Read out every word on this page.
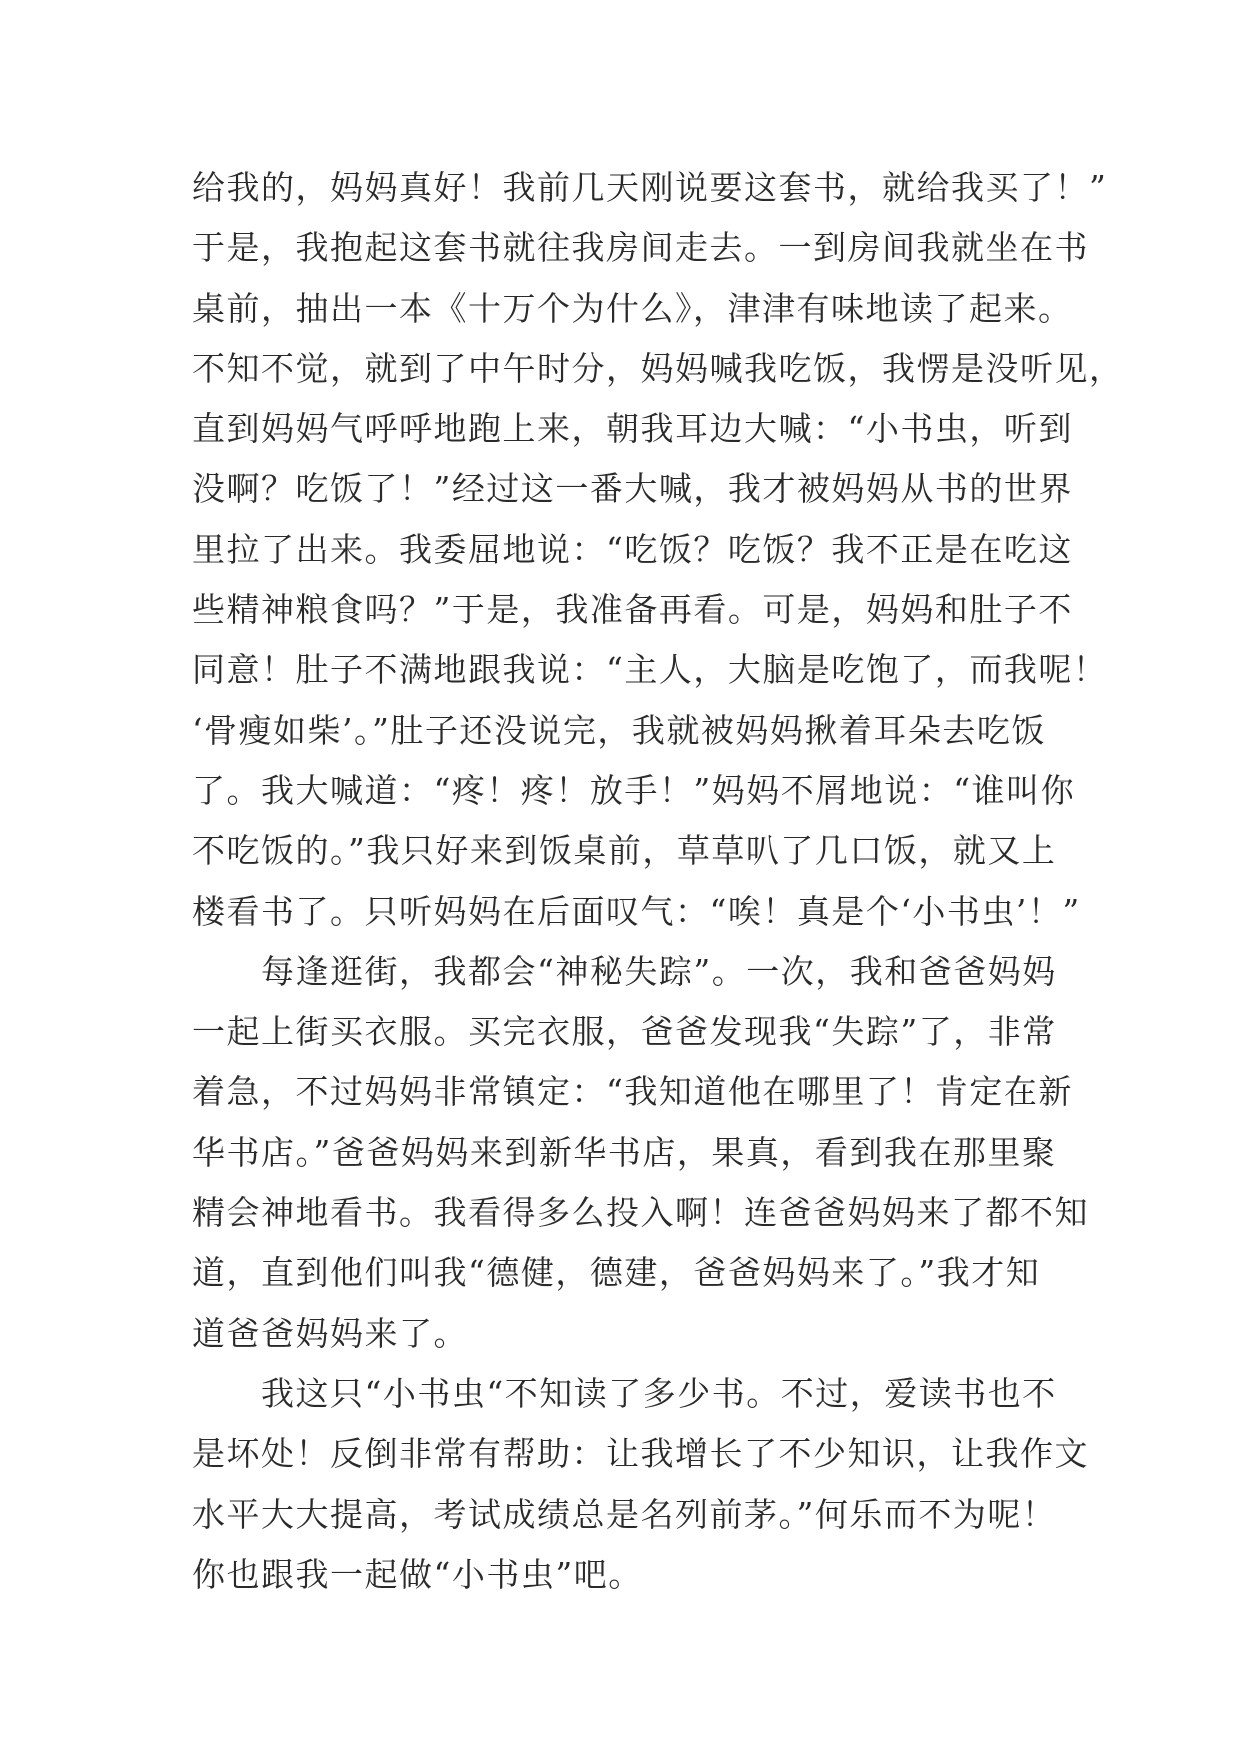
给我的，妈妈真好！我前几天刚说要这套书，就给我买了！”
于是，我抱起这套书就往我房间走去。一到房间我就坐在书
桌前，抽出一本《十万个为什么》，津津有味地读了起来。
不知不觉，就到了中午时分，妈妈喊我吃饭，我愣是没听见，
直到妈妈气呼呼地跑上来，朝我耳边大喊：“小书虫，听到
没啊？吃饭了！”经过这一番大喊，我才被妈妈从书的世界
里拉了出来。我委屈地说：“吃饭？吃饭？我不正是在吃这
些精神粮食吗？”于是，我准备再看。可是，妈妈和肚子不
同意！肚子不满地跟我说：“主人，大脑是吃饱了，而我呢！
‘骨瘦如柴’。”肚子还没说完，我就被妈妈揪着耳朵去吃饭
了。我大喊道：“疼！疼！放手！”妈妈不屑地说：“谁叫你
不吃饭的。”我只好来到饭桌前，草草叭了几口饭，就又上
楼看书了。只听妈妈在后面叹气：“唉！真是个‘小书虫’！”
　　每逢逛街，我都会“神秘失踪”。一次，我和爸爸妈妈
一起上街买衣服。买完衣服，爸爸发现我“失踪”了，非常
着急，不过妈妈非常镇定：“我知道他在哪里了！肯定在新
华书店。”爸爸妈妈来到新华书店，果真，看到我在那里聚
精会神地看书。我看得多么投入啊！连爸爸妈妈来了都不知
道，直到他们叫我“德健，德建，爸爸妈妈来了。”我才知
道爸爸妈妈来了。
　　我这只“小书虫“不知读了多少书。不过，爱读书也不
是坏处！反倒非常有帮助：让我增长了不少知识，让我作文
水平大大提高，考试成绩总是名列前茅。”何乐而不为呢！
你也跟我一起做“小书虫”吧。
